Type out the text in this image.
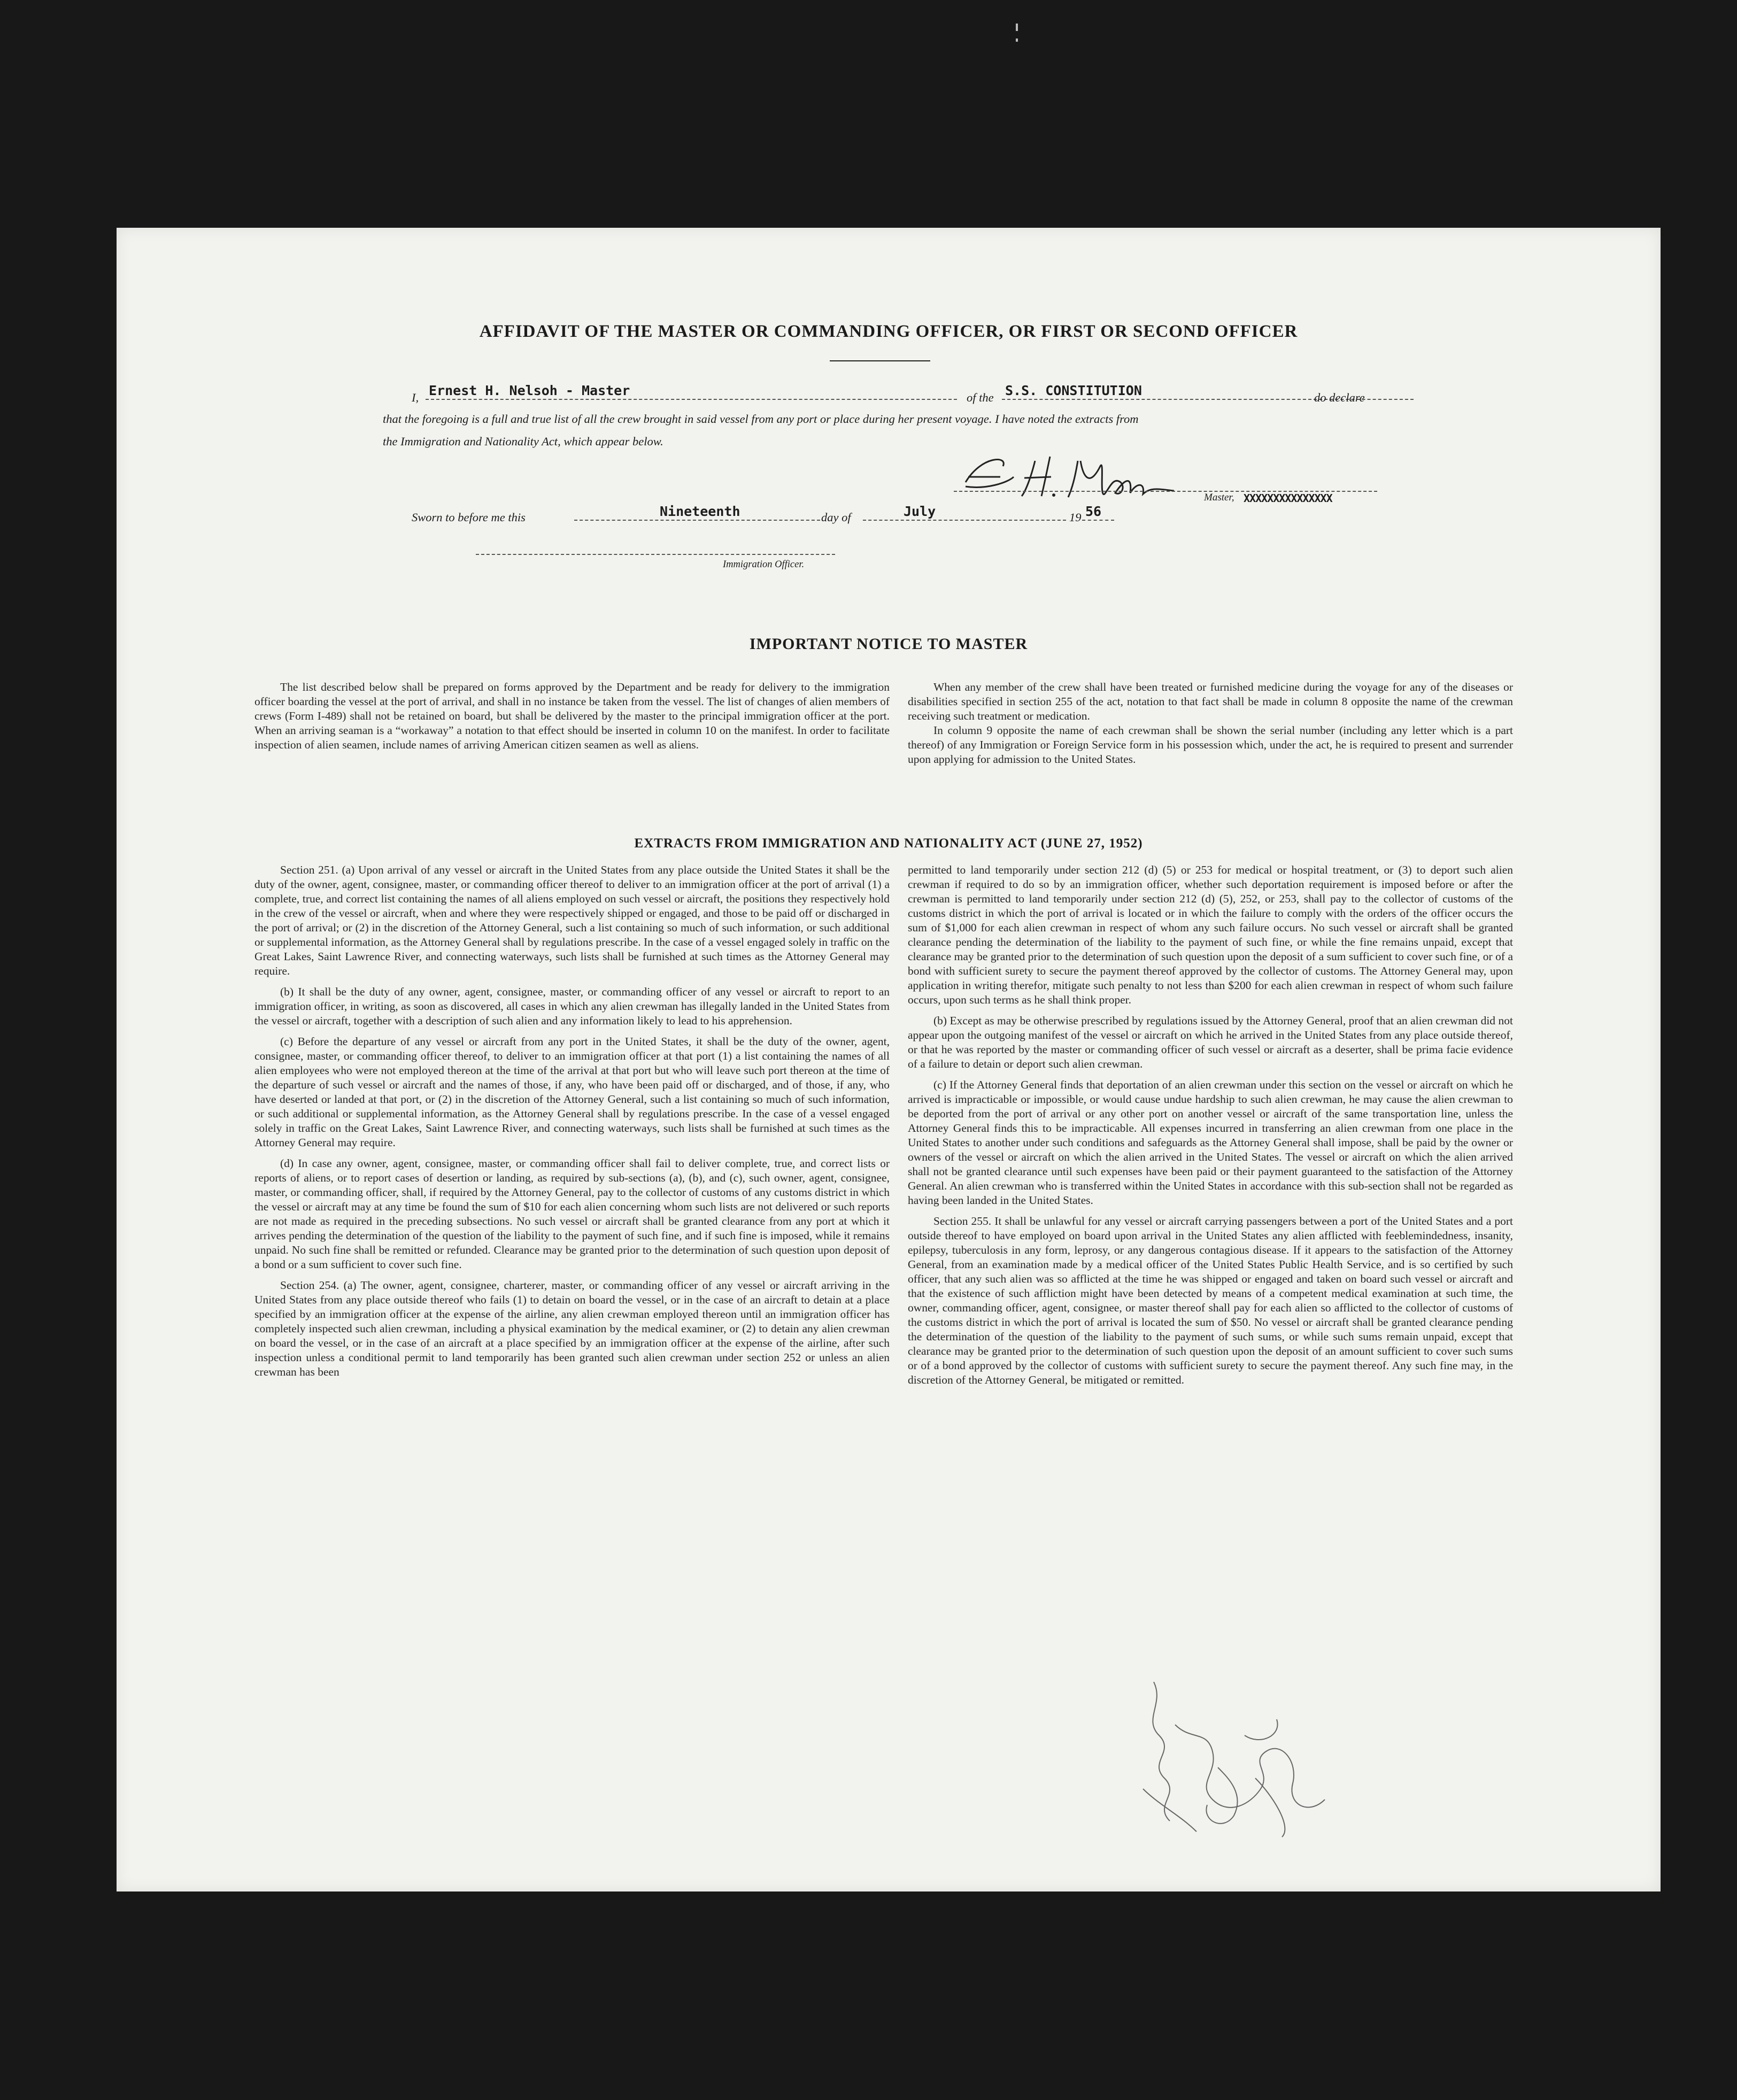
AFFIDAVIT OF THE MASTER OR COMMANDING OFFICER, OR FIRST OR SECOND OFFICER
I, Ernest H. Nelsoh - Master	of the S.S. CONSTITUTION	do declare
that the foregoing is a full and true list of all the crew brought in said vessel from any port or place during her present voyage. I have noted the extracts from
the Immigration and Nationality Act, which appear below.
Master, XXXXXXXXXXXXXXX
Sworn to before me this	Nineteenth	day of	July	19 56
Immigration Officer.
IMPORTANT NOTICE TO MASTER

The list described below shall be prepared on forms approved by the Department and be ready for delivery to the immigration officer boarding the vessel at the port of arrival, and shall in no instance be taken from the vessel. The list of changes of alien members of crews (Form I-489) shall not be retained on board, but shall be delivered by the master to the principal immigration officer at the port. When an arriving seaman is a “workaway” a notation to that effect should be inserted in column 10 on the manifest. In order to facilitate inspection of alien seamen, include names of arriving American citizen seamen as well as aliens.

When any member of the crew shall have been treated or furnished medicine during the voyage for any of the diseases or disabilities specified in section 255 of the act, notation to that fact shall be made in column 8 opposite the name of the crewman receiving such treatment or medication.

In column 9 opposite the name of each crewman shall be shown the serial number (including any letter which is a part thereof) of any Immigration or Foreign Service form in his possession which, under the act, he is required to present and surrender upon applying for admission to the United States.

EXTRACTS FROM IMMIGRATION AND NATIONALITY ACT (JUNE 27, 1952)

Section 251. (a) Upon arrival of any vessel or aircraft in the United States from any place outside the United States it shall be the duty of the owner, agent, consignee, master, or commanding officer thereof to deliver to an immigration officer at the port of arrival (1) a complete, true, and correct list containing the names of all aliens employed on such vessel or aircraft, the positions they respectively hold in the crew of the vessel or aircraft, when and where they were respectively shipped or engaged, and those to be paid off or discharged in the port of arrival; or (2) in the discretion of the Attorney General, such a list containing so much of such information, or such additional or supplemental information, as the Attorney General shall by regulations prescribe. In the case of a vessel engaged solely in traffic on the Great Lakes, Saint Lawrence River, and connecting waterways, such lists shall be furnished at such times as the Attorney General may require.

(b) It shall be the duty of any owner, agent, consignee, master, or commanding officer of any vessel or aircraft to report to an immigration officer, in writing, as soon as discovered, all cases in which any alien crewman has illegally landed in the United States from the vessel or aircraft, together with a description of such alien and any information likely to lead to his apprehension.

(c) Before the departure of any vessel or aircraft from any port in the United States, it shall be the duty of the owner, agent, consignee, master, or commanding officer thereof, to deliver to an immigration officer at that port (1) a list containing the names of all alien employees who were not employed thereon at the time of the arrival at that port but who will leave such port thereon at the time of the departure of such vessel or aircraft and the names of those, if any, who have been paid off or discharged, and of those, if any, who have deserted or landed at that port, or (2) in the discretion of the Attorney General, such a list containing so much of such information, or such additional or supplemental information, as the Attorney General shall by regulations prescribe. In the case of a vessel engaged solely in traffic on the Great Lakes, Saint Lawrence River, and connecting waterways, such lists shall be furnished at such times as the Attorney General may require.

(d) In case any owner, agent, consignee, master, or commanding officer shall fail to deliver complete, true, and correct lists or reports of aliens, or to report cases of desertion or landing, as required by sub-sections (a), (b), and (c), such owner, agent, consignee, master, or commanding officer, shall, if required by the Attorney General, pay to the collector of customs of any customs district in which the vessel or aircraft may at any time be found the sum of $10 for each alien concerning whom such lists are not delivered or such reports are not made as required in the preceding subsections. No such vessel or aircraft shall be granted clearance from any port at which it arrives pending the determination of the question of the liability to the payment of such fine, and if such fine is imposed, while it remains unpaid. No such fine shall be remitted or refunded. Clearance may be granted prior to the determination of such question upon deposit of a bond or a sum sufficient to cover such fine.

Section 254. (a) The owner, agent, consignee, charterer, master, or commanding officer of any vessel or aircraft arriving in the United States from any place outside thereof who fails (1) to detain on board the vessel, or in the case of an aircraft to detain at a place specified by an immigration officer at the expense of the airline, any alien crewman employed thereon until an immigration officer has completely inspected such alien crewman, including a physical examination by the medical examiner, or (2) to detain any alien crewman on board the vessel, or in the case of an aircraft at a place specified by an immigration officer at the expense of the airline, after such inspection unless a conditional permit to land temporarily has been granted such alien crewman under section 252 or unless an alien crewman has been

permitted to land temporarily under section 212 (d) (5) or 253 for medical or hospital treatment, or (3) to deport such alien crewman if required to do so by an immigration officer, whether such deportation requirement is imposed before or after the crewman is permitted to land temporarily under section 212 (d) (5), 252, or 253, shall pay to the collector of customs of the customs district in which the port of arrival is located or in which the failure to comply with the orders of the officer occurs the sum of $1,000 for each alien crewman in respect of whom any such failure occurs. No such vessel or aircraft shall be granted clearance pending the determination of the liability to the payment of such fine, or while the fine remains unpaid, except that clearance may be granted prior to the determination of such question upon the deposit of a sum sufficient to cover such fine, or of a bond with sufficient surety to secure the payment thereof approved by the collector of customs. The Attorney General may, upon application in writing therefor, mitigate such penalty to not less than $200 for each alien crewman in respect of whom such failure occurs, upon such terms as he shall think proper.

(b) Except as may be otherwise prescribed by regulations issued by the Attorney General, proof that an alien crewman did not appear upon the outgoing manifest of the vessel or aircraft on which he arrived in the United States from any place outside thereof, or that he was reported by the master or commanding officer of such vessel or aircraft as a deserter, shall be prima facie evidence of a failure to detain or deport such alien crewman.

(c) If the Attorney General finds that deportation of an alien crewman under this section on the vessel or aircraft on which he arrived is impracticable or impossible, or would cause undue hardship to such alien crewman, he may cause the alien crewman to be deported from the port of arrival or any other port on another vessel or aircraft of the same transportation line, unless the Attorney General finds this to be impracticable. All expenses incurred in transferring an alien crewman from one place in the United States to another under such conditions and safeguards as the Attorney General shall impose, shall be paid by the owner or owners of the vessel or aircraft on which the alien arrived in the United States. The vessel or aircraft on which the alien arrived shall not be granted clearance until such expenses have been paid or their payment guaranteed to the satisfaction of the Attorney General. An alien crewman who is transferred within the United States in accordance with this sub-section shall not be regarded as having been landed in the United States.

Section 255. It shall be unlawful for any vessel or aircraft carrying passengers between a port of the United States and a port outside thereof to have employed on board upon arrival in the United States any alien afflicted with feeblemindedness, insanity, epilepsy, tuberculosis in any form, leprosy, or any dangerous contagious disease. If it appears to the satisfaction of the Attorney General, from an examination made by a medical officer of the United States Public Health Service, and is so certified by such officer, that any such alien was so afflicted at the time he was shipped or engaged and taken on board such vessel or aircraft and that the existence of such affliction might have been detected by means of a competent medical examination at such time, the owner, commanding officer, agent, consignee, or master thereof shall pay for each alien so afflicted to the collector of customs of the customs district in which the port of arrival is located the sum of $50. No vessel or aircraft shall be granted clearance pending the determination of the question of the liability to the payment of such sums, or while such sums remain unpaid, except that clearance may be granted prior to the determination of such question upon the deposit of an amount sufficient to cover such sums or of a bond approved by the collector of customs with sufficient surety to secure the payment thereof. Any such fine may, in the discretion of the Attorney General, be mitigated or remitted.
